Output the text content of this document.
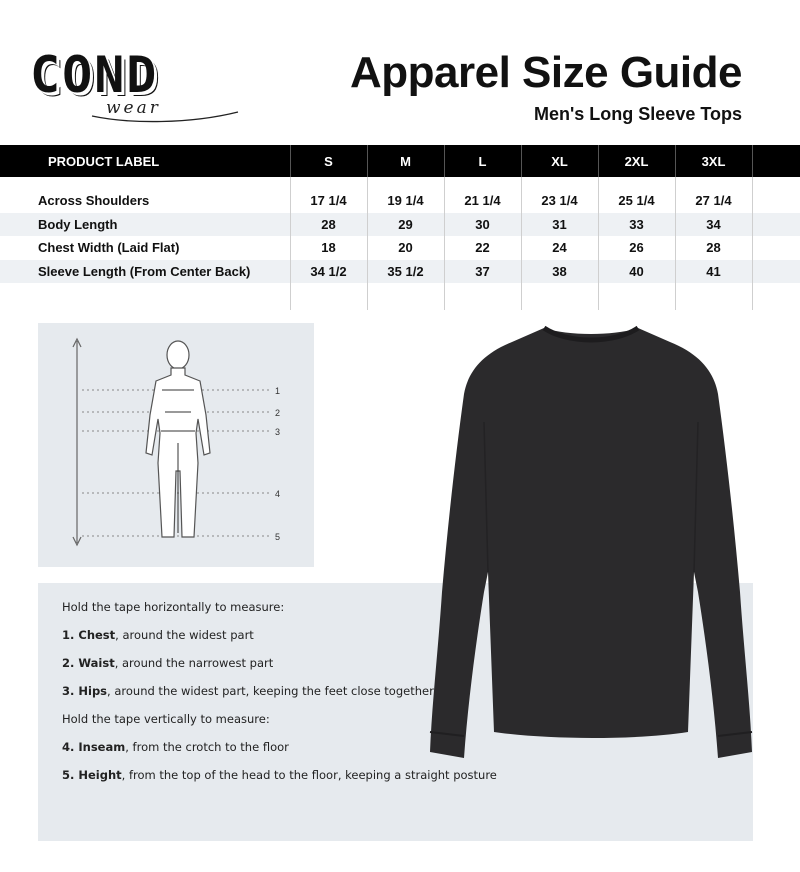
COND
wear
Apparel Size Guide
Men's Long Sleeve Tops
PRODUCT LABEL	S	M	L	XL	2XL	3XL
Across Shoulders	17 1/4	19 1/4	21 1/4	23 1/4	25 1/4	27 1/4
Body Length	28	29	30	31	33	34
Chest Width (Laid Flat)	18	20	22	24	26	28
Sleeve Length (From Center Back)	34 1/2	35 1/2	37	38	40	41
1
2
3
4
5
Hold the tape horizontally to measure:
1. Chest, around the widest part
2. Waist, around the narrowest part
3. Hips, around the widest part, keeping the feet close together
Hold the tape vertically to measure:
4. Inseam, from the crotch to the floor
5. Height, from the top of the head to the floor, keeping a straight posture
